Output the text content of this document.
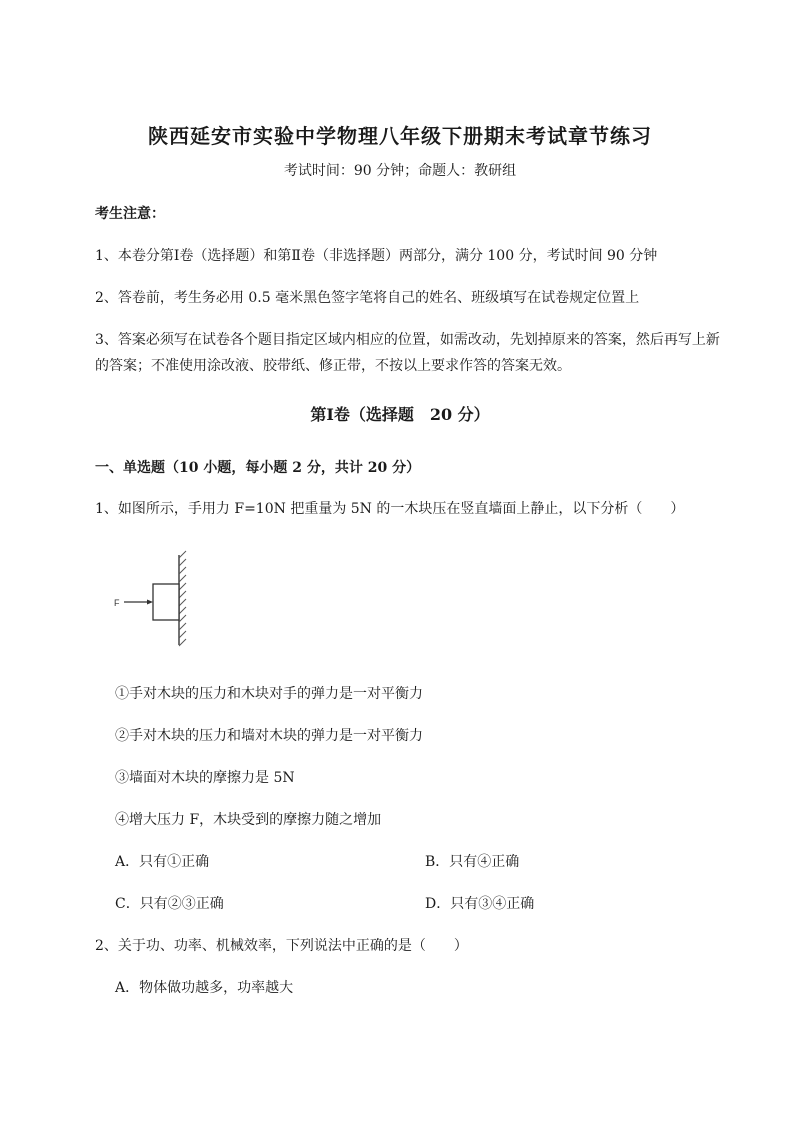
陕西延安市实验中学物理八年级下册期末考试章节练习
考试时间：90 分钟；命题人：教研组
考生注意：
1、本卷分第Ⅰ卷（选择题）和第Ⅱ卷（非选择题）两部分，满分 100 分，考试时间 90 分钟
2、答卷前，考生务必用 0.5 毫米黑色签字笔将自己的姓名、班级填写在试卷规定位置上
3、答案必须写在试卷各个题目指定区域内相应的位置，如需改动，先划掉原来的答案，然后再写上新
的答案；不准使用涂改液、胶带纸、修正带，不按以上要求作答的答案无效。
第Ⅰ卷（选择题　20 分）
一、单选题（10 小题，每小题 2 分，共计 20 分）
1、如图所示，手用力 F=10N 把重量为 5N 的一木块压在竖直墙面上静止，以下分析（　　）
F
①手对木块的压力和木块对手的弹力是一对平衡力
②手对木块的压力和墙对木块的弹力是一对平衡力
③墙面对木块的摩擦力是 5N
④增大压力 F，木块受到的摩擦力随之增加
A．只有①正确	B．只有④正确
C．只有②③正确	D．只有③④正确
2、关于功、功率、机械效率，下列说法中正确的是（　　）
A．物体做功越多，功率越大
